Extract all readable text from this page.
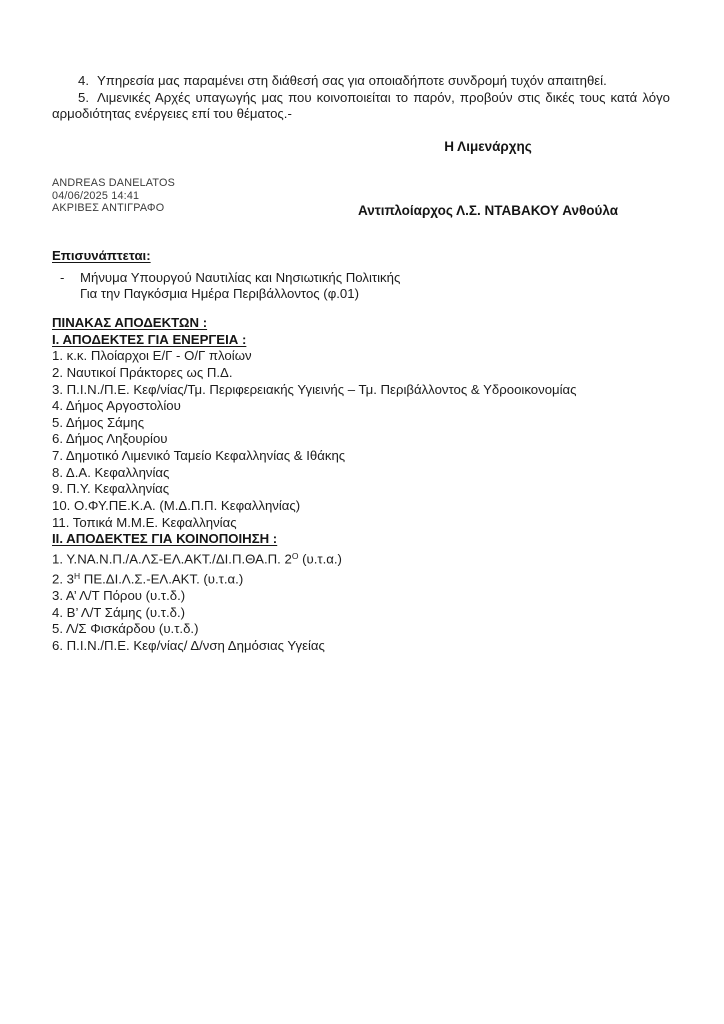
4. Υπηρεσία μας παραμένει στη διάθεσή σας για οποιαδήποτε συνδρομή τυχόν απαιτηθεί.

5. Λιμενικές Αρχές υπαγωγής μας που κοινοποιείται το παρόν, προβούν στις δικές τους κατά λόγο αρμοδιότητας ενέργειες επί του θέματος.-

Η Λιμενάρχης
ANDREAS DANELATOS
04/06/2025 14:41
ΑΚΡΙΒΕΣ ΑΝΤΙΓΡΑΦΟ	Αντιπλοίαρχος Λ.Σ. ΝΤΑΒΑΚΟΥ Ανθούλα
Επισυνάπτεται:
- Μήνυμα Υπουργού Ναυτιλίας και Νησιωτικής Πολιτικής
Για την Παγκόσμια Ημέρα Περιβάλλοντος (φ.01)
ΠΙΝΑΚΑΣ ΑΠΟΔΕΚΤΩΝ :
Ι. ΑΠΟΔΕΚΤΕΣ ΓΙΑ ΕΝΕΡΓΕΙΑ :
1. κ.κ. Πλοίαρχοι Ε/Γ - Ο/Γ πλοίων
2. Ναυτικοί Πράκτορες ως Π.Δ.
3. Π.Ι.Ν./Π.Ε. Κεφ/νίας/Τμ. Περιφερειακής Υγιεινής – Τμ. Περιβάλλοντος & Υδροοικονομίας
4. Δήμος Αργοστολίου
5. Δήμος Σάμης
6. Δήμος Ληξουρίου
7. Δημοτικό Λιμενικό Ταμείο Κεφαλληνίας & Ιθάκης
8. Δ.Α. Κεφαλληνίας
9. Π.Υ. Κεφαλληνίας
10. Ο.ΦΥ.ΠΕ.Κ.Α. (Μ.Δ.Π.Π. Κεφαλληνίας)
11. Τοπικά Μ.Μ.Ε. Κεφαλληνίας
ΙΙ. ΑΠΟΔΕΚΤΕΣ ΓΙΑ ΚΟΙΝΟΠΟΙΗΣΗ :
1. Υ.ΝΑ.Ν.Π./Α.ΛΣ-ΕΛ.ΑΚΤ./ΔΙ.Π.ΘΑ.Π. $2^O$ (υ.τ.α.)
2. $3^H$ ΠΕ.ΔΙ.Λ.Σ.-ΕΛ.ΑΚΤ. (υ.τ.α.)
3. Α’ Λ/Τ Πόρου (υ.τ.δ.)
4. Β’ Λ/Τ Σάμης (υ.τ.δ.)
5. Λ/Σ Φισκάρδου (υ.τ.δ.)
6. Π.Ι.Ν./Π.Ε. Κεφ/νίας/ Δ/νση Δημόσιας Υγείας
